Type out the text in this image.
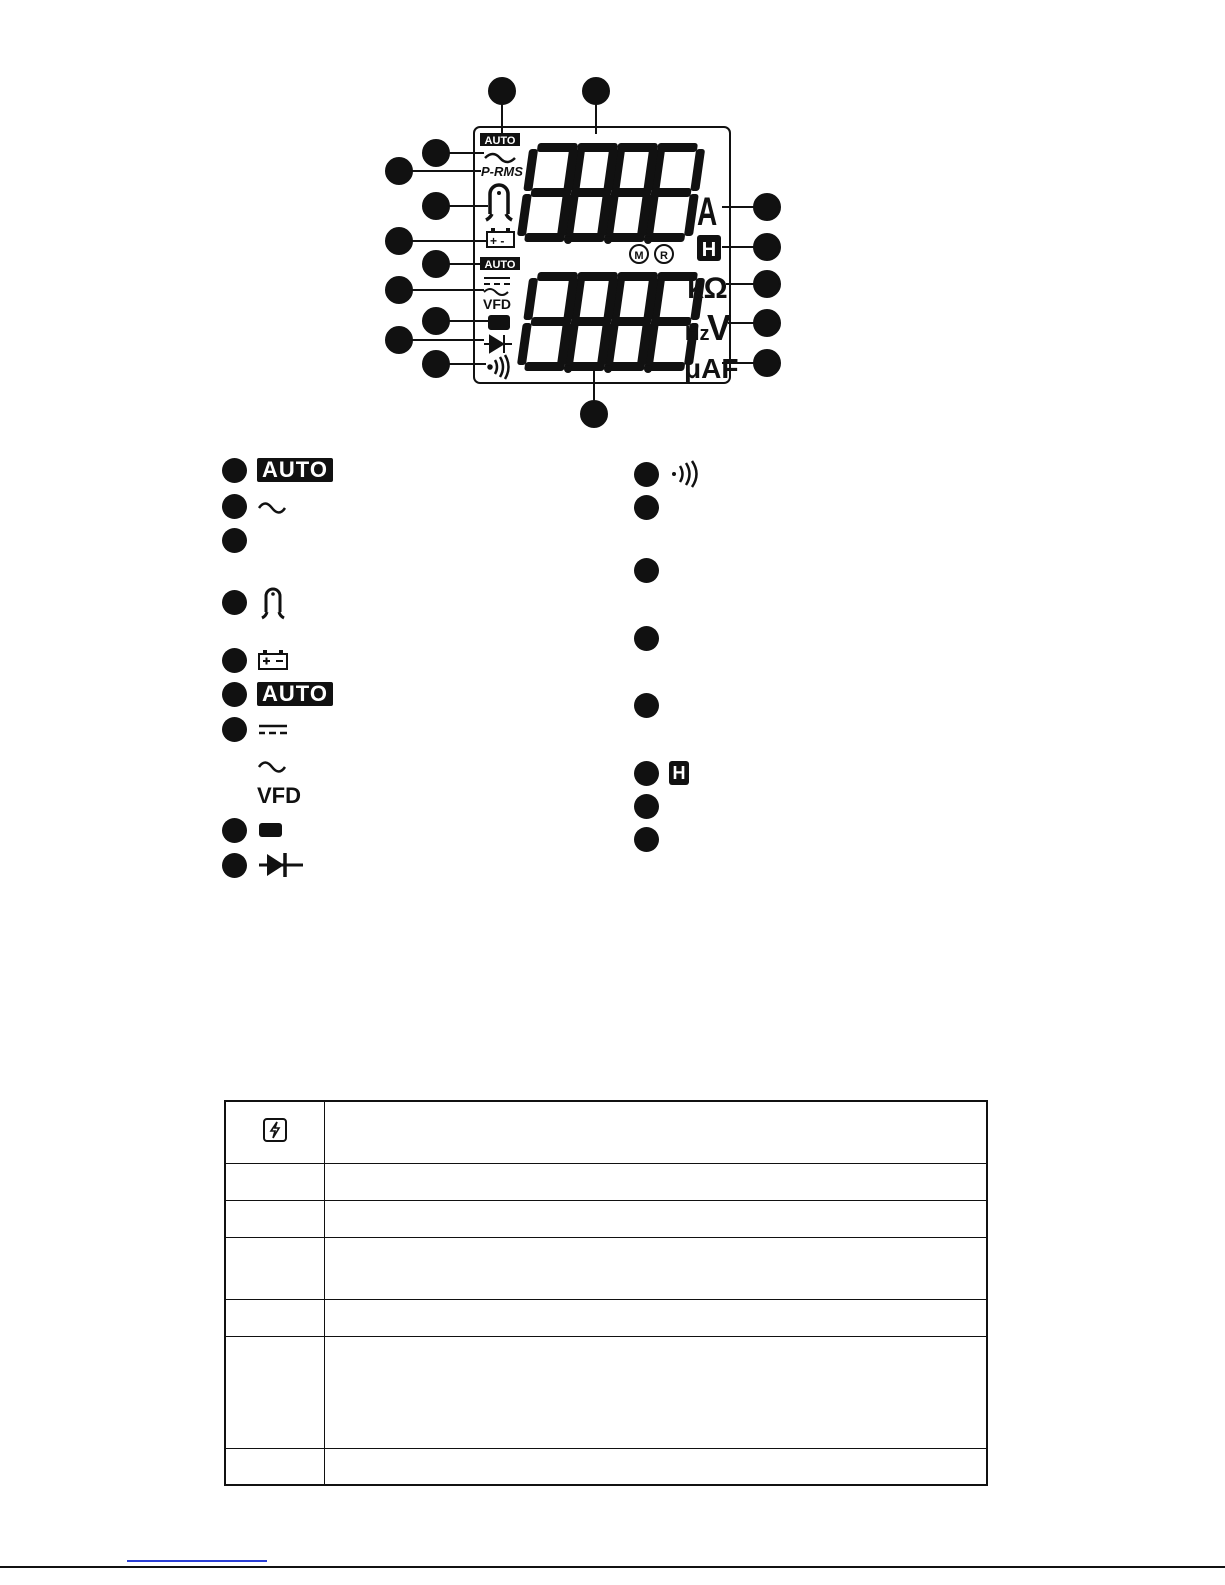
AUTO
P-RMS
+ -
AUTO
VFD
A
M R H
kΩ
Hz
V
μAF
AUTO
AUTO
VFD
H
